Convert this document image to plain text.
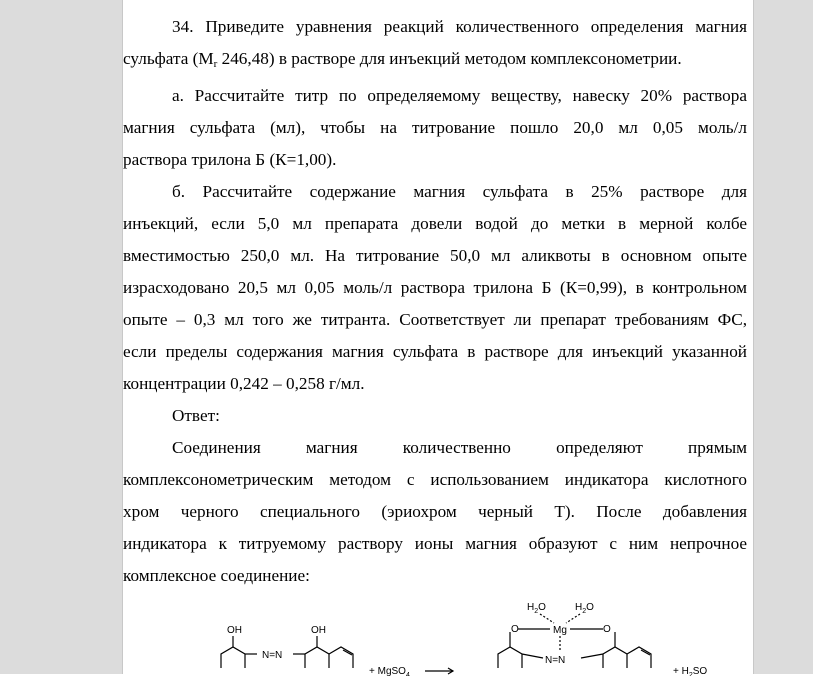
34. Приведите уравнения реакций количественного определения магния
сульфата ($M_r$ 246,48) в растворе для инъекций методом комплексонометрии.
а. Рассчитайте титр по определяемому веществу, навеску 20% раствора
магния сульфата (мл), чтобы на титрование пошло 20,0 мл 0,05 моль/л
раствора трилона Б (К=1,00).
б. Рассчитайте содержание магния сульфата в 25% растворе для
инъекций, если 5,0 мл препарата довели водой до метки в мерной колбе
вместимостью 250,0 мл. На титрование 50,0 мл аликвоты в основном опыте
израсходовано 20,5 мл 0,05 моль/л раствора трилона Б (К=0,99), в контрольном
опыте – 0,3 мл того же титранта. Соответствует ли препарат требованиям ФС,
если пределы содержания магния сульфата в растворе для инъекций указанной
концентрации 0,242 – 0,258 г/мл.
Ответ:
Соединения магния количественно определяют прямым
комплексонометрическим методом с использованием индикатора кислотного
хром черного специального (эриохром черный Т). После добавления
индикатора к титруемому раствору ионы магния образуют с ним непрочное
комплексное соединение:
OH	OH
N=N
+ MgSO$_4$
$H_2O$	$H_2O$
Mg
O	O
N=N
+ $H_2SO$
